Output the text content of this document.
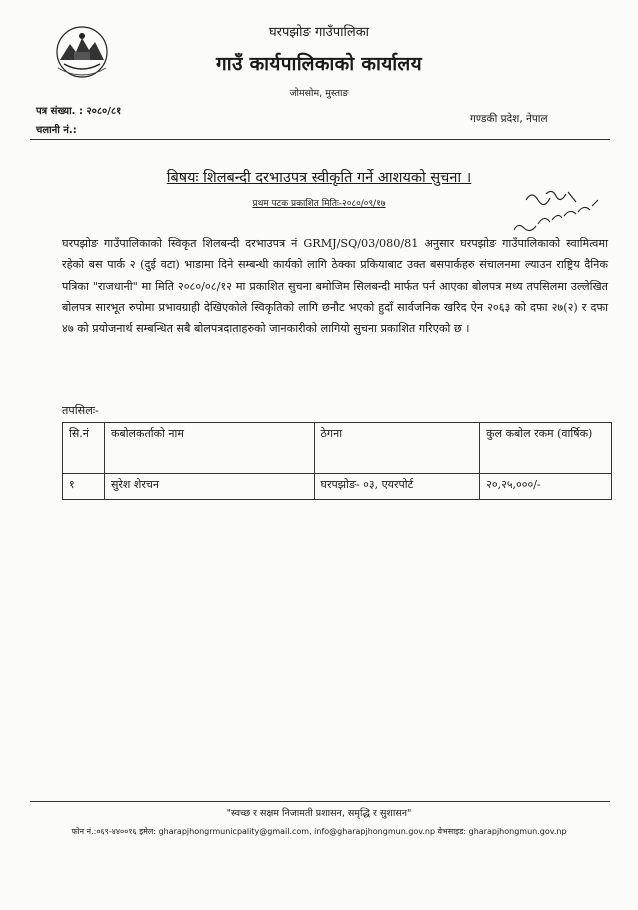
घरपझोङ गाउँपालिका
गाउँ कार्यपालिकाको कार्यालय
जोमसोम, मुस्ताङ
पत्र संख्या. : २०८०/८१
चलानी नं.:
गण्डकी प्रदेश, नेपाल
बिषयः शिलबन्दी दरभाउपत्र स्वीकृति गर्ने आशयको सुचना ।
प्रथम पटक प्रकाशित मितिः-२०८०/०९/१७
घरपझोङ गाउँपालिकाको स्विकृत शिलबन्दी दरभाउपत्र नं GRMJ/SQ/03/080/81 अनुसार घरपझोङ गाउँपालिकाको स्वामित्वमा रहेको बस पार्क २ (दुई वटा) भाडामा दिने सम्बन्धी कार्यको लागि ठेक्का प्रकियाबाट उक्त बसपार्कहरु संचालनमा ल्याउन राष्ट्रिय दैनिक पत्रिका "राजधानी" मा मिति २०८०/०८/१२ मा प्रकाशित सुचना बमोजिम सिलबन्दी मार्फत पर्न आएका बोलपत्र मध्य तपसिलमा उल्लेखित बोलपत्र सारभूत रुपोमा प्रभावग्राही देखिएकोले स्विकृतिको लागि छनौट भएको हुदाँ सार्वजनिक खरिद ऐन २०६३ को दफा २७(२) र दफा ४७ को प्रयोजनार्थ सम्बन्धित सबै बोलपत्रदाताहरुको जानकारीको लागियो सुचना प्रकाशित गरिएको छ ।
तपसिलः-
सि.नं	कबोलकर्ताको नाम	ठेगना	कुल कबोल रकम (वार्षिक)
१	सुरेश शेरचन	घरपझोङ- ०३, एयरपोर्ट	२०,२५,०००/-
"स्वच्छ र सक्षम निजामती प्रशासन, समृद्धि र सुशासन"
फोन नं.:०६९-४४००१६ इमेल: gharapjhongrmunicpality@gmail.com, info@gharapjhongmun.gov.np वेभसाइड: gharapjhongmun.gov.np
